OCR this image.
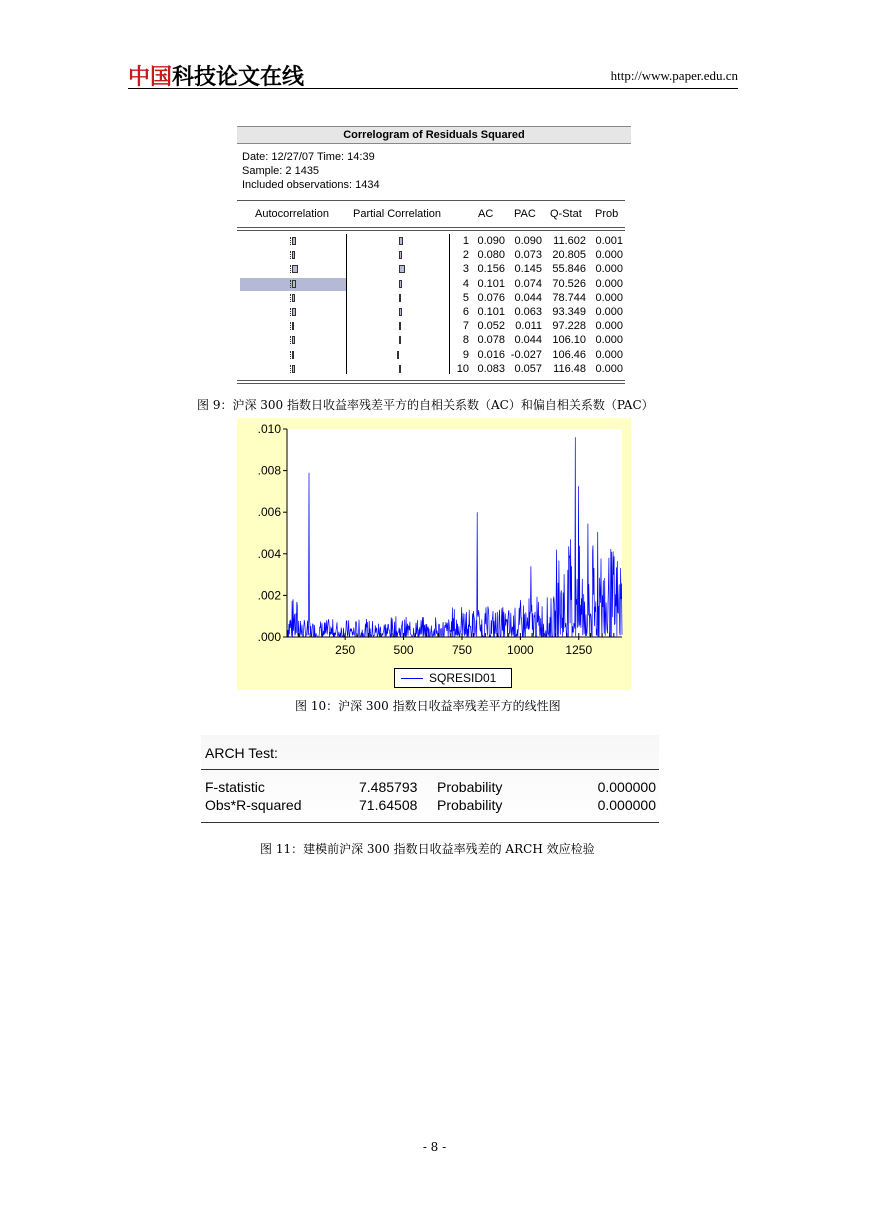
中国科技论文在线	http://www.paper.edu.cn
Correlogram of Residuals Squared
Date: 12/27/07 Time: 14:39
Sample: 2 1435
Included observations: 1434
Autocorrelation Partial Correlation	AC PAC Q-Stat Prob
1 0.090 0.090 11.602 0.001
2 0.080 0.073 20.805 0.000
3 0.156 0.145 55.846 0.000
4 0.101 0.074 70.526 0.000
5 0.076 0.044 78.744 0.000
6 0.101 0.063 93.349 0.000
7 0.052 0.011 97.228 0.000
8 0.078 0.044 106.10 0.000
9 0.016 -0.027 106.46 0.000
10 0.083 0.057 116.48 0.000
图 9：沪深 300 指数日收益率残差平方的自相关系数（AC）和偏自相关系数（PAC）
.000
.002
.004
.006
.008
.010
250	500	750	1000	1250
SQRESID01
图 10：沪深 300 指数日收益率残差平方的线性图
ARCH Test:
F-statistic	7.485793 Probability	0.000000
Obs*R-squared	71.64508 Probability	0.000000
图 11：建模前沪深 300 指数日收益率残差的 ARCH 效应检验
- 8 -
